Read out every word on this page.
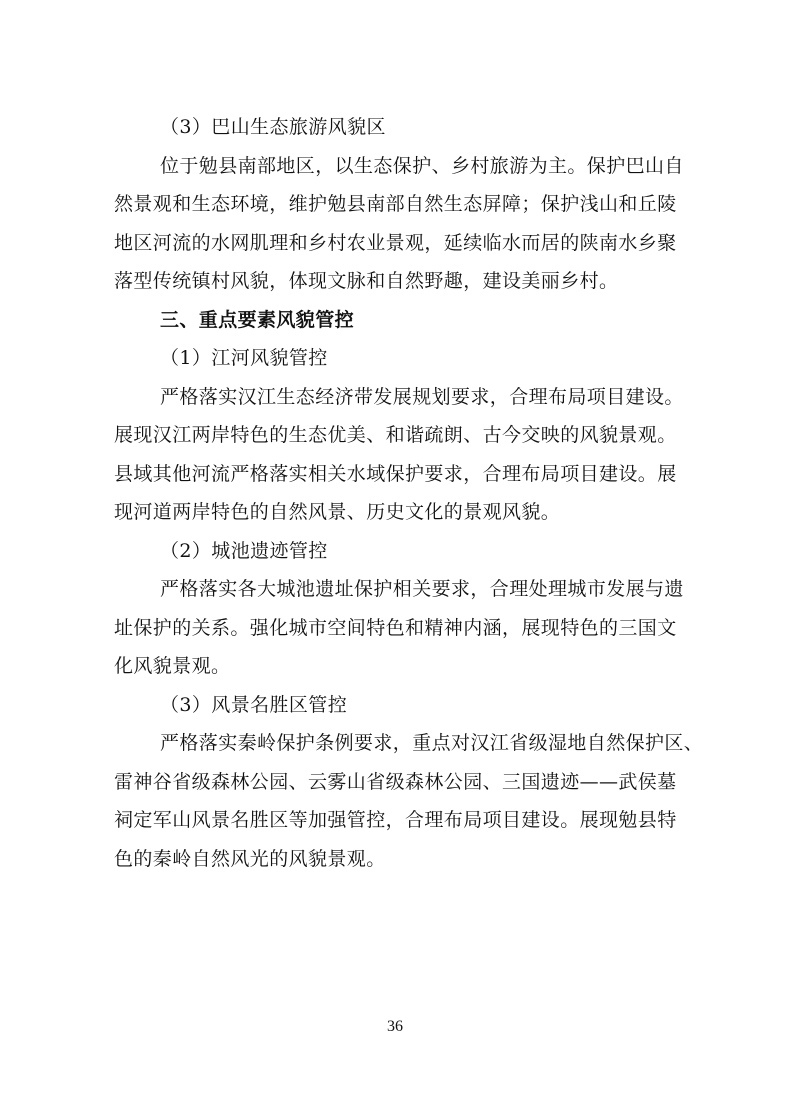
（3）巴山生态旅游风貌区
位于勉县南部地区，以生态保护、乡村旅游为主。保护巴山自
然景观和生态环境，维护勉县南部自然生态屏障；保护浅山和丘陵
地区河流的水网肌理和乡村农业景观，延续临水而居的陕南水乡聚
落型传统镇村风貌，体现文脉和自然野趣，建设美丽乡村。
三、重点要素风貌管控
（1）江河风貌管控
严格落实汉江生态经济带发展规划要求，合理布局项目建设。
展现汉江两岸特色的生态优美、和谐疏朗、古今交映的风貌景观。
县域其他河流严格落实相关水域保护要求，合理布局项目建设。展
现河道两岸特色的自然风景、历史文化的景观风貌。
（2）城池遗迹管控
严格落实各大城池遗址保护相关要求，合理处理城市发展与遗
址保护的关系。强化城市空间特色和精神内涵，展现特色的三国文
化风貌景观。
（3）风景名胜区管控
严格落实秦岭保护条例要求，重点对汉江省级湿地自然保护区、
雷神谷省级森林公园、云雾山省级森林公园、三国遗迹——武侯墓
祠定军山风景名胜区等加强管控，合理布局项目建设。展现勉县特
色的秦岭自然风光的风貌景观。
36
